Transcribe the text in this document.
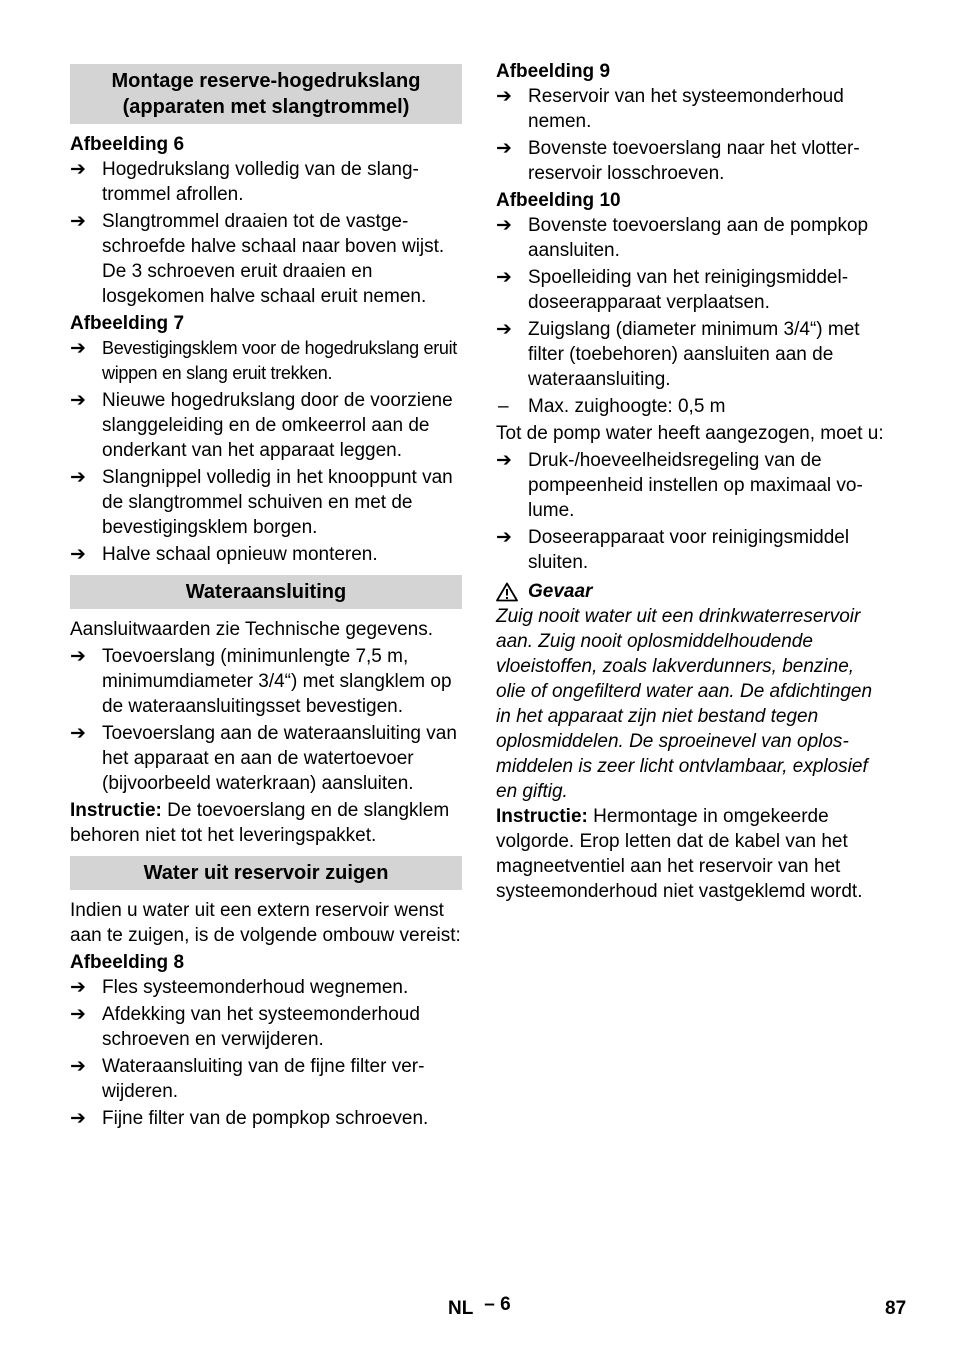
Montage reserve-hogedrukslang
(apparaten met slangtrommel)
Afbeelding 6
➔
Hogedrukslang volledig van de slangtrommel afrollen.
➔
Slangtrommel draaien tot de vastgeschroefde halve schaal naar boven wijst. De 3 schroeven eruit draaien en losgekomen halve schaal eruit nemen.
Afbeelding 7
➔
Bevestigingsklem voor de hogedrukslang eruit wippen en slang eruit trekken.
➔
Nieuwe hogedrukslang door de voorziene slanggeleiding en de omkeerrol aan de onderkant van het apparaat leggen.
➔
Slangnippel volledig in het knooppunt van de slangtrommel schuiven en met de bevestigingsklem borgen.
➔
Halve schaal opnieuw monteren.
Wateraansluiting
Aansluitwaarden zie Technische gegevens.
➔
Toevoerslang (minimunlengte 7,5 m, minimumdiameter 3/4“) met slangklem op de wateraansluitingsset bevestigen.
➔
Toevoerslang aan de wateraansluiting van het apparaat en aan de watertoevoer (bijvoorbeeld waterkraan) aansluiten.
Instructie: De toevoerslang en de slangklem behoren niet tot het leveringspakket.
Water uit reservoir zuigen
Indien u water uit een extern reservoir wenst aan te zuigen, is de volgende ombouw vereist:
Afbeelding 8
➔
Fles systeemonderhoud wegnemen.
➔
Afdekking van het systeemonderhoud schroeven en verwijderen.
➔
Wateraansluiting van de fijne filter verwijderen.
➔
Fijne filter van de pompkop schroeven.
Afbeelding 9
➔
Reservoir van het systeemonderhoud nemen.
➔
Bovenste toevoerslang naar het vlotterreservoir losschroeven.
Afbeelding 10
➔
Bovenste toevoerslang aan de pompkop aansluiten.
➔
Spoelleiding van het reinigingsmiddeldoseerapparaat verplaatsen.
➔
Zuigslang (diameter minimum 3/4“) met filter (toebehoren) aansluiten aan de wateraansluiting.
–
Max. zuighoogte: 0,5 m
Tot de pomp water heeft aangezogen, moet u:
➔
Druk-/hoeveelheidsregeling van de pompeenheid instellen op maximaal volume.
➔
Doseerapparaat voor reinigingsmiddel sluiten.
Gevaar
Zuig nooit water uit een drinkwaterreservoir aan. Zuig nooit oplosmiddelhoudende vloeistoffen, zoals lakverdunners, benzine, olie of ongefilterd water aan. De afdichtingen in het apparaat zijn niet bestand tegen oplosmiddelen. De sproeinevel van oplosmiddelen is zeer licht ontvlambaar, explosief en giftig.
Instructie: Hermontage in omgekeerde volgorde. Erop letten dat de kabel van het magneetventiel aan het reservoir van het systeemonderhoud niet vastgeklemd wordt.
NL – 6	87
